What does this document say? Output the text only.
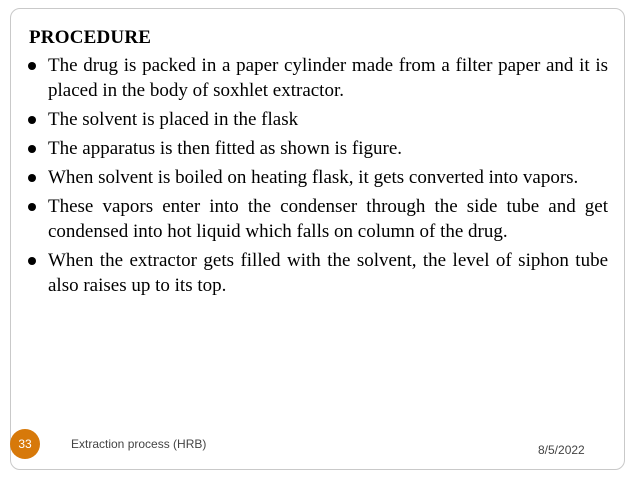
PROCEDURE
The drug is packed in a paper cylinder made from a filter paper and it is placed in the body of soxhlet extractor.
The solvent is placed in the flask
The apparatus is then fitted as shown is figure.
When solvent is boiled on heating flask, it gets converted into vapors.
These vapors enter into the condenser through the side tube and get condensed into hot liquid which falls on column of the drug.
When the extractor gets filled with the solvent, the level of siphon tube also raises up to its top.
33	Extraction process (HRB)	8/5/2022
